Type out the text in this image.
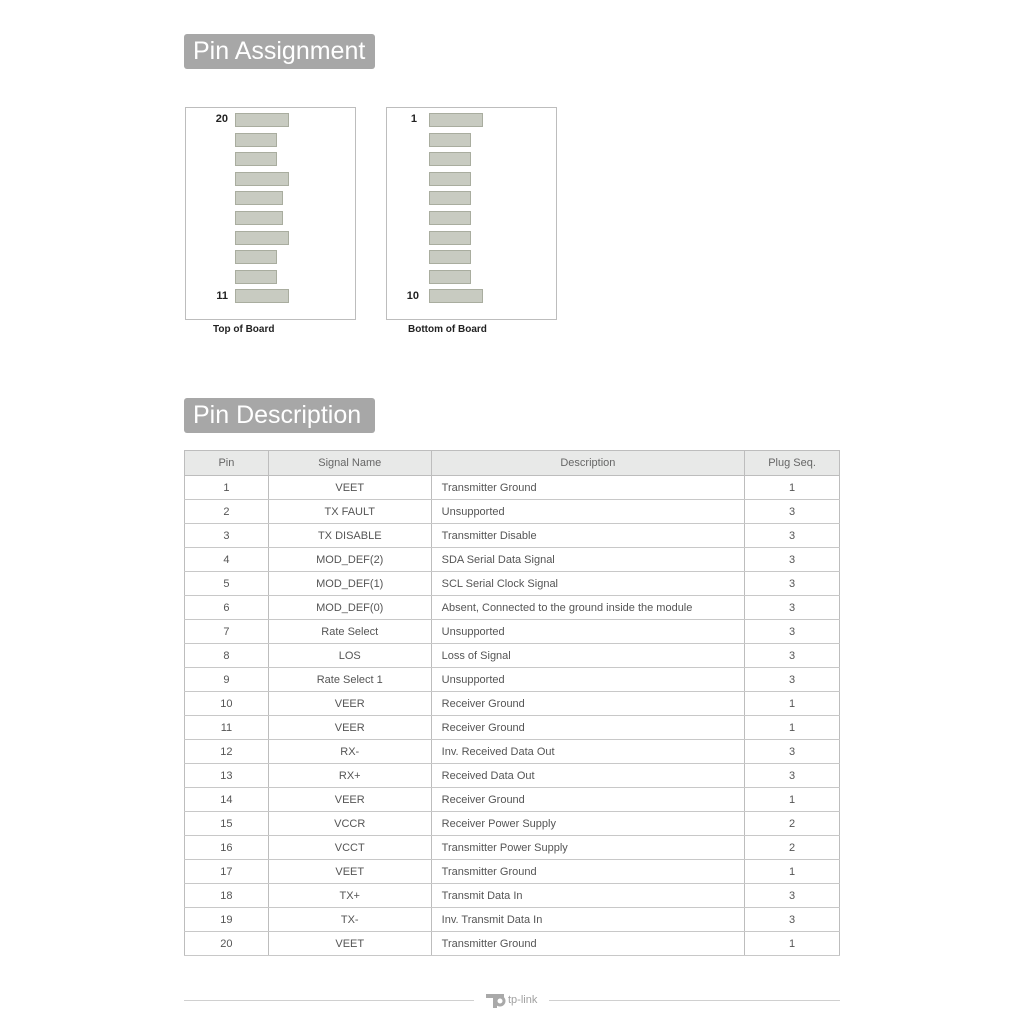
Pin Assignment
20
11
Top of Board
1
10
Bottom of Board
Pin Description
Pin	Signal Name	Description	Plug Seq.
1	VEET	Transmitter Ground	1
2	TX FAULT	Unsupported	3
3	TX DISABLE	Transmitter Disable	3
4	MOD_DEF(2)	SDA Serial Data Signal	3
5	MOD_DEF(1)	SCL Serial Clock Signal	3
6	MOD_DEF(0)	Absent, Connected to the ground inside the module	3
7	Rate Select	Unsupported	3
8	LOS	Loss of Signal	3
9	Rate Select 1	Unsupported	3
10	VEER	Receiver Ground	1
11	VEER	Receiver Ground	1
12	RX-	Inv. Received Data Out	3
13	RX+	Received Data Out	3
14	VEER	Receiver Ground	1
15	VCCR	Receiver Power Supply	2
16	VCCT	Transmitter Power Supply	2
17	VEET	Transmitter Ground	1
18	TX+	Transmit Data In	3
19	TX-	Inv. Transmit Data In	3
20	VEET	Transmitter Ground	1
tp-link
